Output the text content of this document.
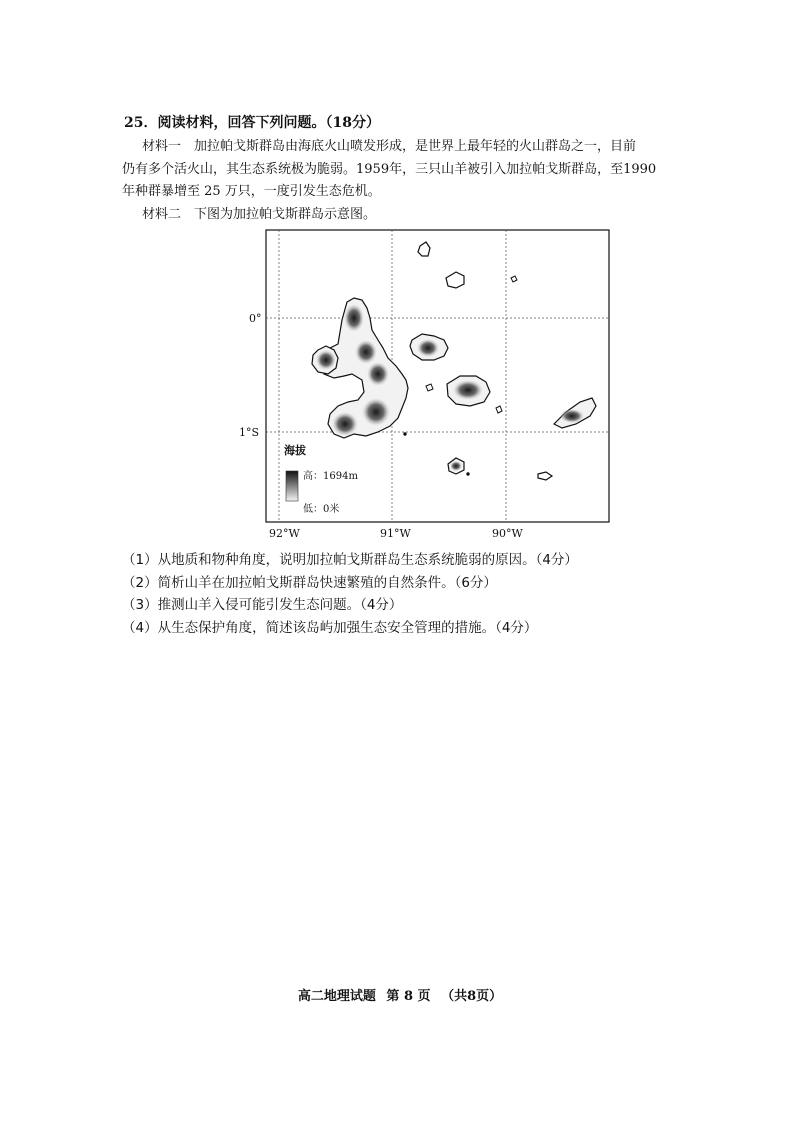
25．阅读材料，回答下列问题。（18分）
材料一　加拉帕戈斯群岛由海底火山喷发形成，是世界上最年轻的火山群岛之一，目前
仍有多个活火山，其生态系统极为脆弱。1959年，三只山羊被引入加拉帕戈斯群岛，至1990
年种群暴增至 25 万只，一度引发生态危机。
材料二　下图为加拉帕戈斯群岛示意图。
92°W	91°W	90°W
0°
1°S
海拔
高：1694m
低：0米
（1）从地质和物种角度，说明加拉帕戈斯群岛生态系统脆弱的原因。（4分）
（2）简析山羊在加拉帕戈斯群岛快速繁殖的自然条件。（6分）
（3）推测山羊入侵可能引发生态问题。（4分）
（4）从生态保护角度，简述该岛屿加强生态安全管理的措施。（4分）
高二地理试题 第 8 页 （共8页）
